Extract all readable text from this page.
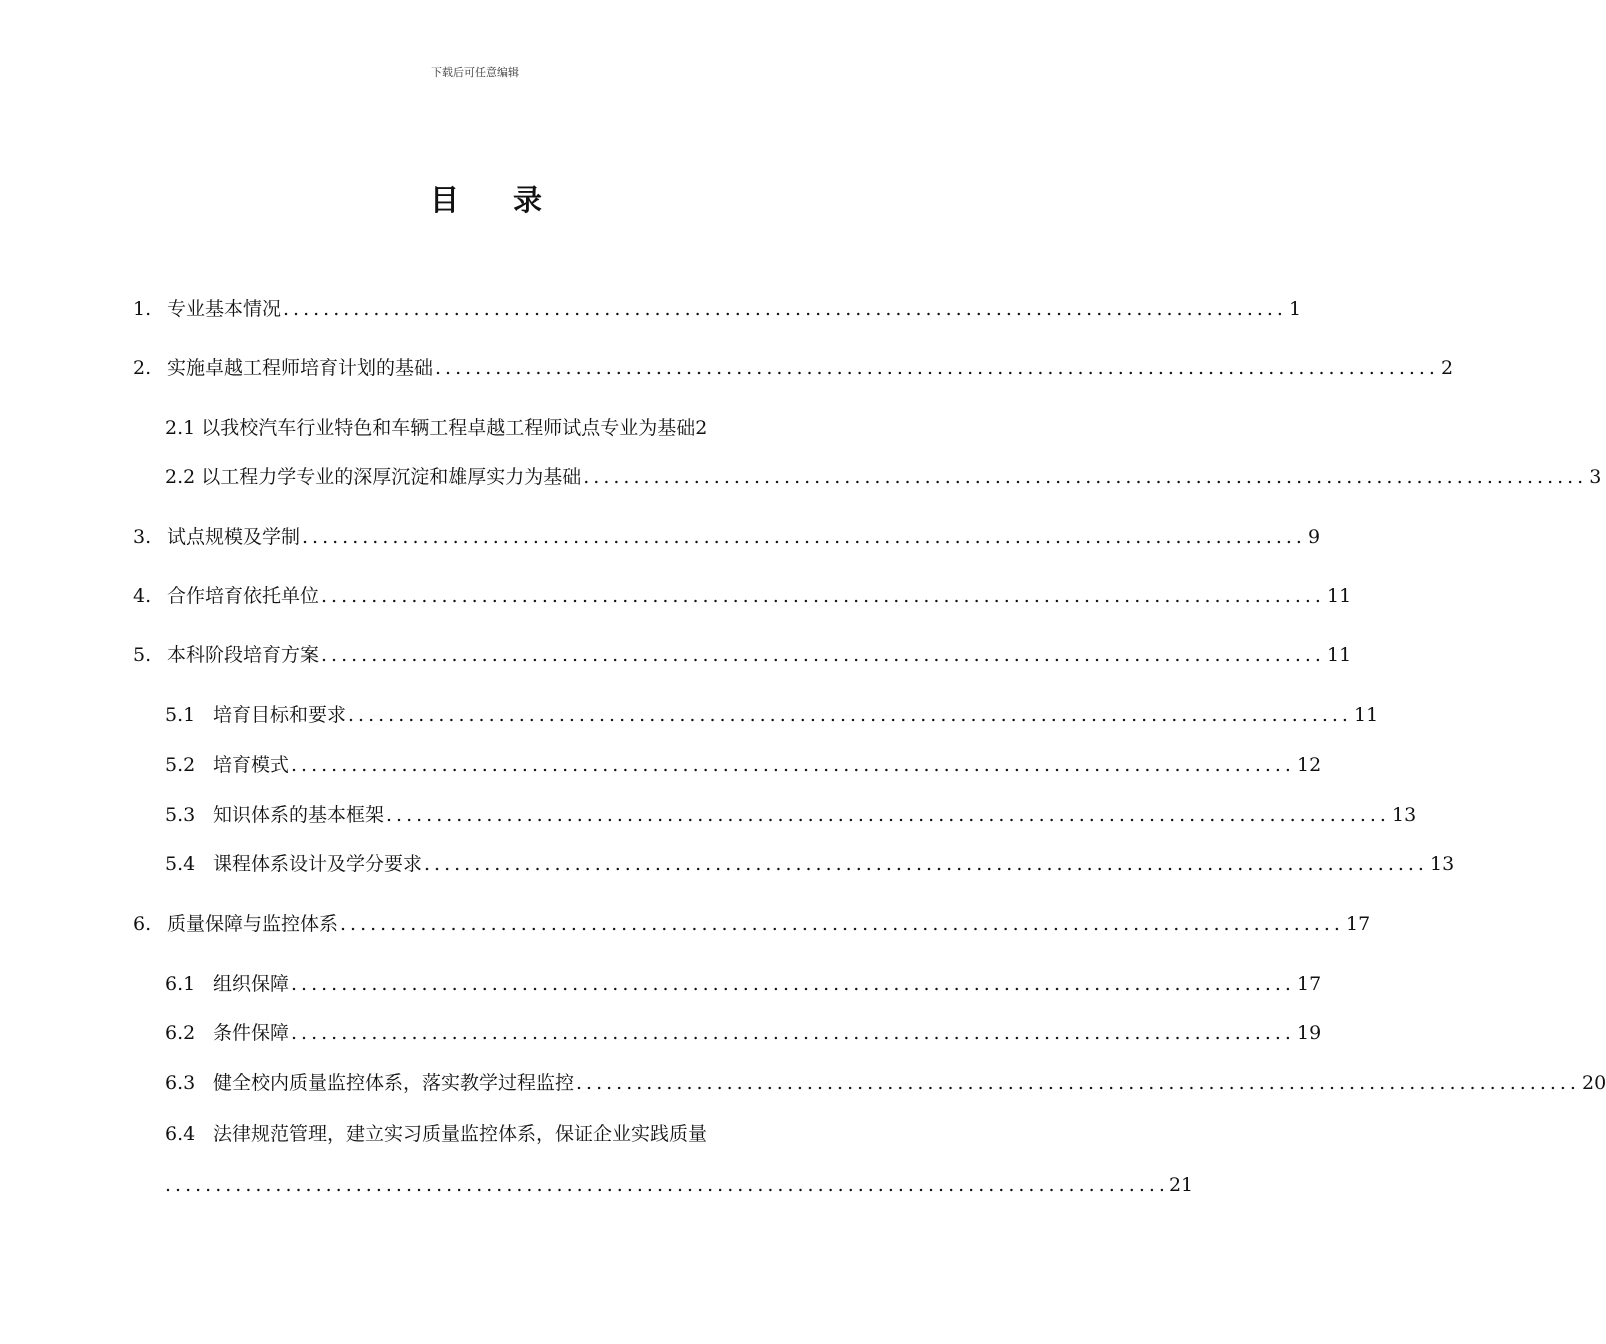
下载后可任意编辑
目 录
1. 专业基本情况 .................................................................................................... 1
2. 实施卓越工程师培育计划的基础 .................................................................................................... 2
2.1 以我校汽车行业特色和车辆工程卓越工程师试点专业为基础 2
2.2 以工程力学专业的深厚沉淀和雄厚实力为基础 .................................................................................................... 3
3. 试点规模及学制 .................................................................................................... 9
4. 合作培育依托单位 .................................................................................................... 11
5. 本科阶段培育方案 .................................................................................................... 11
5.1 培育目标和要求 .................................................................................................... 11
5.2 培育模式 .................................................................................................... 12
5.3 知识体系的基本框架 .................................................................................................... 13
5.4 课程体系设计及学分要求 .................................................................................................... 13
6. 质量保障与监控体系 .................................................................................................... 17
6.1 组织保障 .................................................................................................... 17
6.2 条件保障 .................................................................................................... 19
6.3 健全校内质量监控体系，落实教学过程监控 .................................................................................................... 20
6.4 法律规范管理，建立实习质量监控体系，保证企业实践质量
.................................................................................................... 21
